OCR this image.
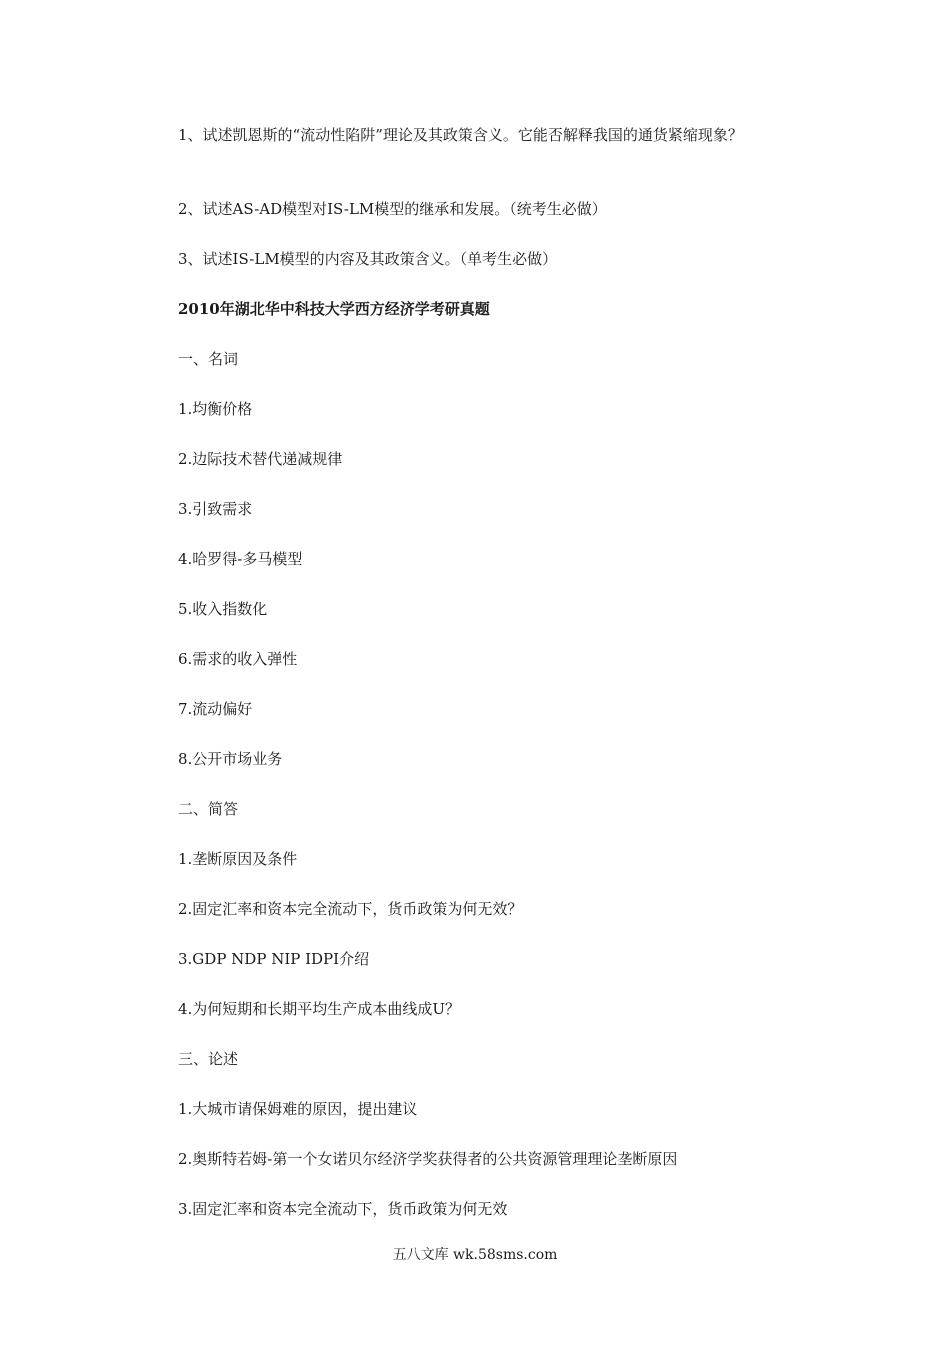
1、试述凯恩斯的“流动性陷阱”理论及其政策含义。它能否解释我国的通货紧缩现象？
2、试述AS-AD模型对IS-LM模型的继承和发展。（统考生必做）
3、试述IS-LM模型的内容及其政策含义。（单考生必做）
2010年湖北华中科技大学西方经济学考研真题
一、名词
1.均衡价格
2.边际技术替代递减规律
3.引致需求
4.哈罗得-多马模型
5.收入指数化
6.需求的收入弹性
7.流动偏好
8.公开市场业务
二、简答
1.垄断原因及条件
2.固定汇率和资本完全流动下，货币政策为何无效？
3.GDP NDP NIP IDPI介绍
4.为何短期和长期平均生产成本曲线成U？
三、论述
1.大城市请保姆难的原因，提出建议
2.奥斯特若姆-第一个女诺贝尔经济学奖获得者的公共资源管理理论垄断原因
3.固定汇率和资本完全流动下，货币政策为何无效
五八文库 wk.58sms.com
